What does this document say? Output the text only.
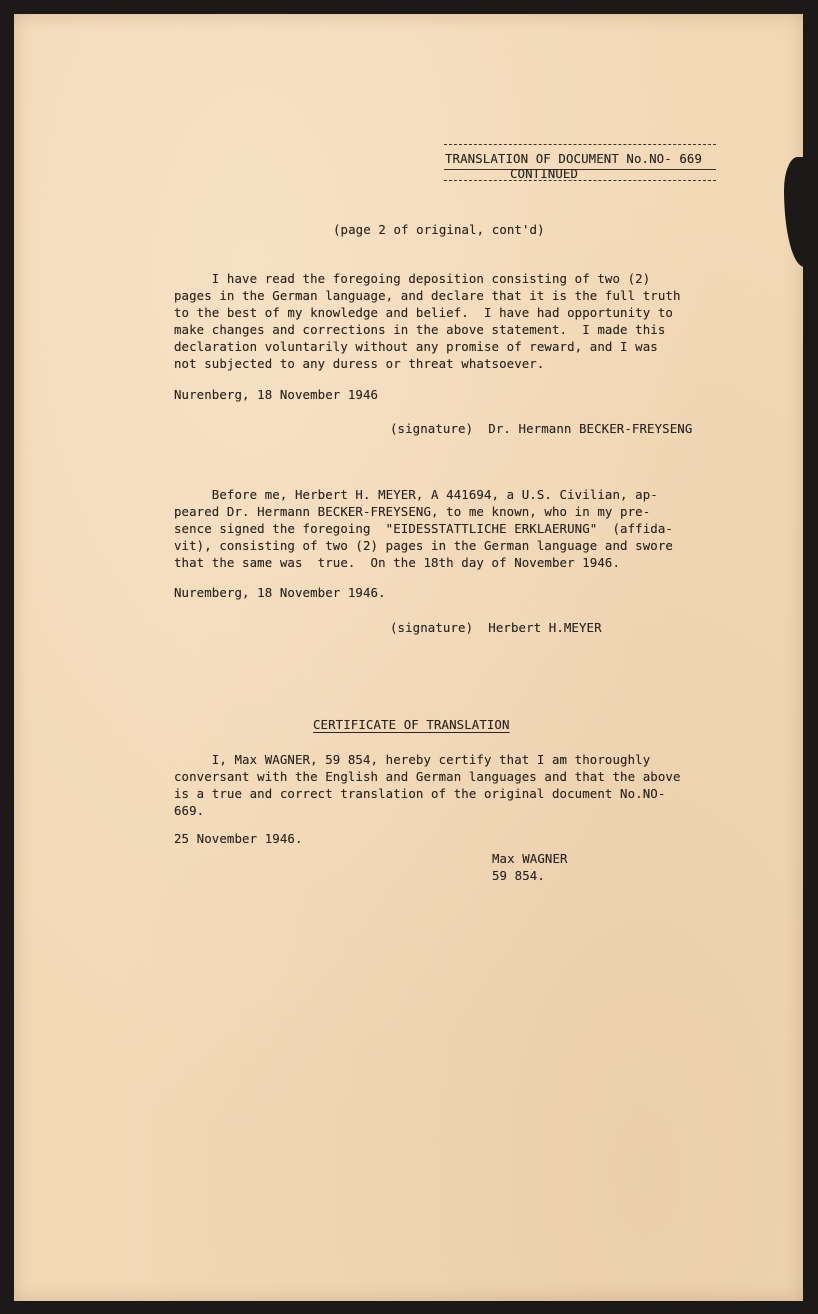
TRANSLATION OF DOCUMENT No.NO- 669

CONTINUED

(page 2 of original, cont'd)

I have read the foregoing deposition consisting of two (2)

pages in the German language, and declare that it is the full truth

to the best of my knowledge and belief.  I have had opportunity to

make changes and corrections in the above statement.  I made this

declaration voluntarily without any promise of reward, and I was

not subjected to any duress or threat whatsoever.

Nurenberg, 18 November 1946

(signature)  Dr. Hermann BECKER-FREYSENG

Before me, Herbert H. MEYER, A 441694, a U.S. Civilian, ap-

peared Dr. Hermann BECKER-FREYSENG, to me known, who in my pre-

sence signed the foregoing  "EIDESSTATTLICHE ERKLAERUNG"  (affida-

vit), consisting of two (2) pages in the German language and swore

that the same was  true.  On the 18th day of November 1946.

Nuremberg, 18 November 1946.

(signature)  Herbert H.MEYER

CERTIFICATE OF TRANSLATION

I, Max WAGNER, 59 854, hereby certify that I am thoroughly

conversant with the English and German languages and that the above

is a true and correct translation of the original document No.NO-

669.

25 November 1946.

Max WAGNER

59 854.
